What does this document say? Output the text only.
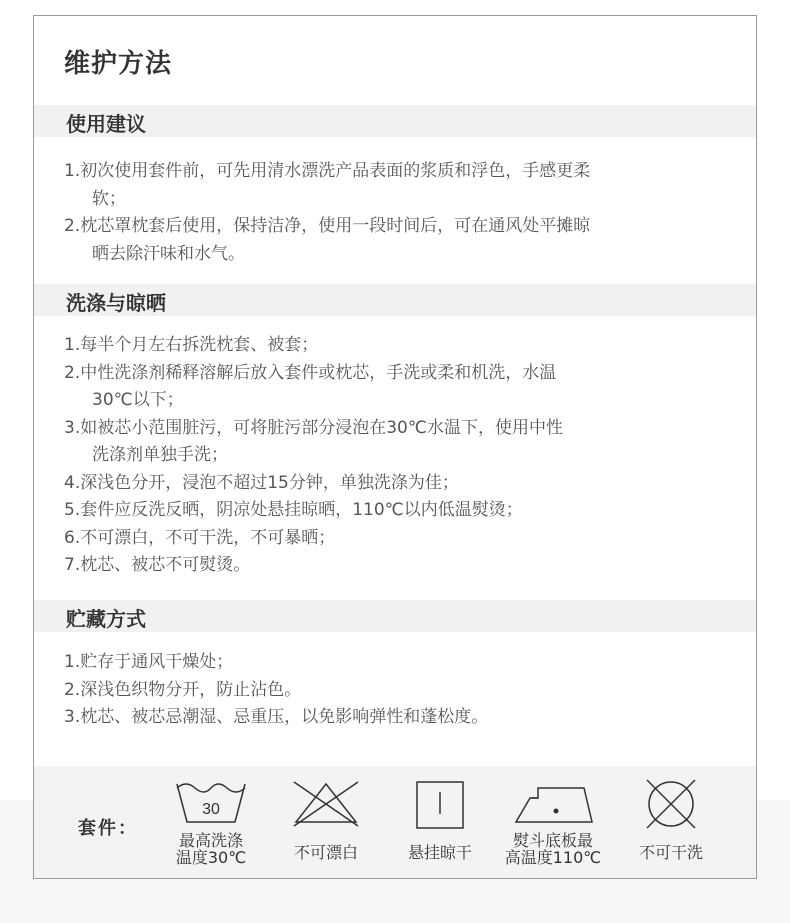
维护方法
使用建议
1.初次使用套件前，可先用清水漂洗产品表面的浆质和浮色，手感更柔
软；
2.枕芯罩枕套后使用，保持洁净，使用一段时间后，可在通风处平摊晾
晒去除汗味和水气。
洗涤与晾晒
1.每半个月左右拆洗枕套、被套；
2.中性洗涤剂稀释溶解后放入套件或枕芯，手洗或柔和机洗，水温
30℃以下；
3.如被芯小范围脏污，可将脏污部分浸泡在30℃水温下，使用中性
洗涤剂单独手洗；
4.深浅色分开，浸泡不超过15分钟，单独洗涤为佳；
5.套件应反洗反晒，阴凉处悬挂晾晒，110℃以内低温熨烫；
6.不可漂白，不可干洗，不可暴晒；
7.枕芯、被芯不可熨烫。
贮藏方式
1.贮存于通风干燥处；
2.深浅色织物分开，防止沾色。
3.枕芯、被芯忌潮湿、忌重压，以免影响弹性和蓬松度。
套件：
30
最高洗涤
温度30℃	不可漂白	悬挂晾干
熨斗底板最
高温度110℃	不可干洗
